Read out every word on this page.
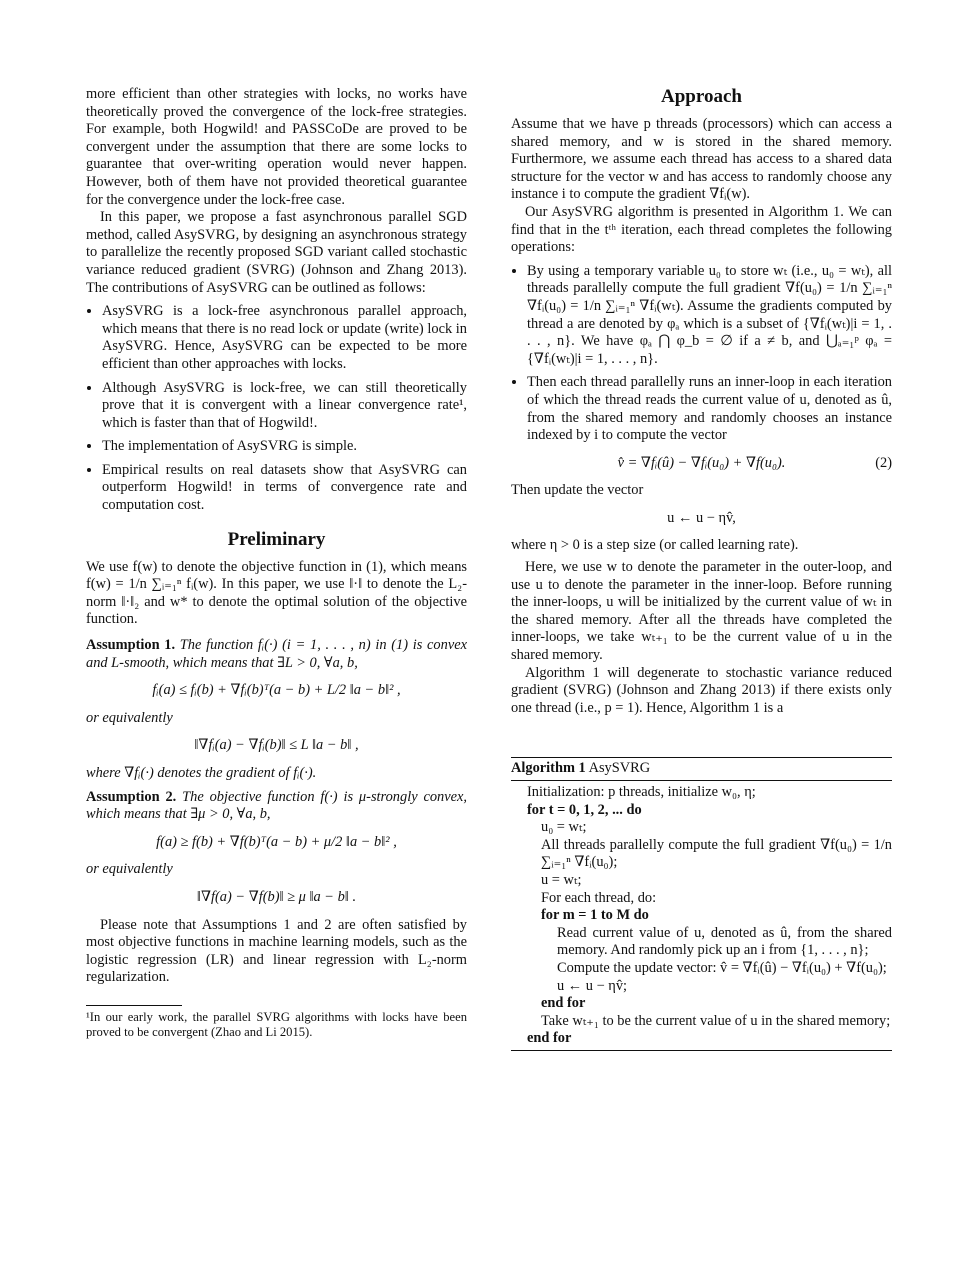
more efficient than other strategies with locks, no works have theoretically proved the convergence of the lock-free strategies. For example, both Hogwild! and PASSCoDe are proved to be convergent under the assumption that there are some locks to guarantee that over-writing operation would never happen. However, both of them have not provided theoretical guarantee for the convergence under the lock-free case.

In this paper, we propose a fast asynchronous parallel SGD method, called AsySVRG, by designing an asynchronous strategy to parallelize the recently proposed SGD variant called stochastic variance reduced gradient (SVRG) (Johnson and Zhang 2013). The contributions of AsySVRG can be outlined as follows:

• AsySVRG is a lock-free asynchronous parallel approach, which means that there is no read lock or update (write) lock in AsySVRG. Hence, AsySVRG can be expected to be more efficient than other approaches with locks.
• Although AsySVRG is lock-free, we can still theoretically prove that it is convergent with a linear convergence rate¹, which is faster than that of Hogwild!.
• The implementation of AsySVRG is simple.
• Empirical results on real datasets show that AsySVRG can outperform Hogwild! in terms of convergence rate and computation cost.
Preliminary

We use f(w) to denote the objective function in (1), which means f(w) = 1/n ∑ᵢ₌₁ⁿ fᵢ(w). In this paper, we use ‖·‖ to denote the L₂-norm ‖·‖₂ and w* to denote the optimal solution of the objective function.

Assumption 1. The function fᵢ(·) (i = 1, . . . , n) in (1) is convex and L-smooth, which means that ∃L > 0, ∀a, b,

fᵢ(a) ≤ fᵢ(b) + ∇fᵢ(b)ᵀ(a − b) + L/2 ‖a − b‖² ,

or equivalently

‖∇fᵢ(a) − ∇fᵢ(b)‖ ≤ L ‖a − b‖ ,

where ∇fᵢ(·) denotes the gradient of fᵢ(·).

Assumption 2. The objective function f(·) is μ-strongly convex, which means that ∃μ > 0, ∀a, b,

f(a) ≥ f(b) + ∇f(b)ᵀ(a − b) + μ/2 ‖a − b‖² ,

or equivalently

‖∇f(a) − ∇f(b)‖ ≥ μ ‖a − b‖ .

Please note that Assumptions 1 and 2 are often satisfied by most objective functions in machine learning models, such as the logistic regression (LR) and linear regression with L₂-norm regularization.

¹In our early work, the parallel SVRG algorithms with locks have been proved to be convergent (Zhao and Li 2015).

Approach

Assume that we have p threads (processors) which can access a shared memory, and w is stored in the shared memory. Furthermore, we assume each thread has access to a shared data structure for the vector w and has access to randomly choose any instance i to compute the gradient ∇fᵢ(w).

Our AsySVRG algorithm is presented in Algorithm 1. We can find that in the tᵗʰ iteration, each thread completes the following operations:

• By using a temporary variable u₀ to store wₜ (i.e., u₀ = wₜ), all threads parallelly compute the full gradient ∇f(u₀) = 1/n ∑ᵢ₌₁ⁿ ∇fᵢ(u₀) = 1/n ∑ᵢ₌₁ⁿ ∇fᵢ(wₜ). Assume the gradients computed by thread a are denoted by φₐ which is a subset of {∇fᵢ(wₜ)|i = 1, . . . , n}. We have φₐ ⋂ φ_b = ∅ if a ≠ b, and ⋃ₐ₌₁ᵖ φₐ = {∇fᵢ(wₜ)|i = 1, . . . , n}.
• Then each thread parallelly runs an inner-loop in each iteration of which the thread reads the current value of u, denoted as û, from the shared memory and randomly chooses an instance indexed by i to compute the vector
v̂ = ∇fᵢ(û) − ∇fᵢ(u₀) + ∇f(u₀).	(2)

Then update the vector

u ← u − ηv̂,

where η > 0 is a step size (or called learning rate).

Here, we use w to denote the parameter in the outer-loop, and use u to denote the parameter in the inner-loop. Before running the inner-loops, u will be initialized by the current value of wₜ in the shared memory. After all the threads have completed the inner-loops, we take wₜ₊₁ to be the current value of u in the shared memory.

Algorithm 1 will degenerate to stochastic variance reduced gradient (SVRG) (Johnson and Zhang 2013) if there exists only one thread (i.e., p = 1). Hence, Algorithm 1 is a

Algorithm 1 AsySVRG
Initialization: p threads, initialize w₀, η;
for t = 0, 1, 2, ... do
u₀ = wₜ;
All threads parallelly compute the full gradient ∇f(u₀) = 1/n ∑ᵢ₌₁ⁿ ∇fᵢ(u₀);
u = wₜ;
For each thread, do:
for m = 1 to M do
Read current value of u, denoted as û, from the shared memory. And randomly pick up an i from {1, . . . , n};
Compute the update vector: v̂ = ∇fᵢ(û) − ∇fᵢ(u₀) + ∇f(u₀);
u ← u − ηv̂;
end for
Take wₜ₊₁ to be the current value of u in the shared memory;
end for
